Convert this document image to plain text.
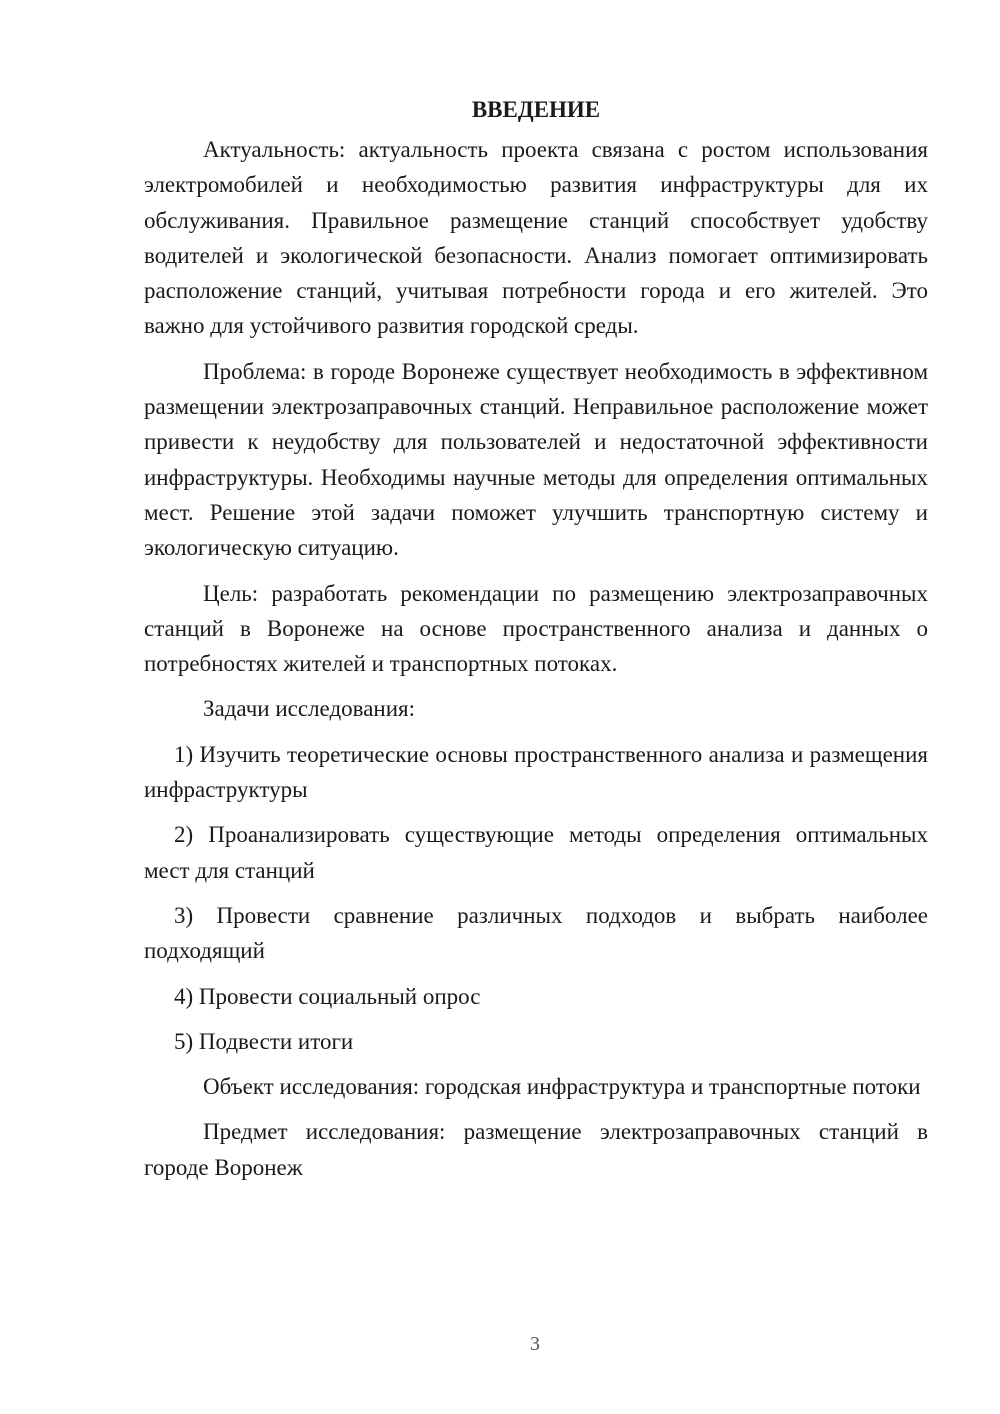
ВВЕДЕНИЕ

Актуальность: актуальность проекта связана с ростом использования электромобилей и необходимостью развития инфраструктуры для их обслуживания. Правильное размещение станций способствует удобству водителей и экологической безопасности. Анализ помогает оптимизировать расположение станций, учитывая потребности города и его жителей. Это важно для устойчивого развития городской среды.

Проблема: в городе Воронеже существует необходимость в эффективном размещении электрозаправочных станций. Неправильное расположение может привести к неудобству для пользователей и недостаточной эффективности инфраструктуры. Необходимы научные методы для определения оптимальных мест. Решение этой задачи поможет улучшить транспортную систему и экологическую ситуацию.

Цель: разработать рекомендации по размещению электрозаправочных станций в Воронеже на основе пространственного анализа и данных о потребностях жителей и транспортных потоках.

Задачи исследования:

1) Изучить теоретические основы пространственного анализа и размещения инфраструктуры

2) Проанализировать существующие методы определения оптимальных мест для станций

3) Провести сравнение различных подходов и выбрать наиболее подходящий

4) Провести социальный опрос

5) Подвести итоги

Объект исследования: городская инфраструктура и транспортные потоки

Предмет исследования: размещение электрозаправочных станций в городе Воронеж

3
